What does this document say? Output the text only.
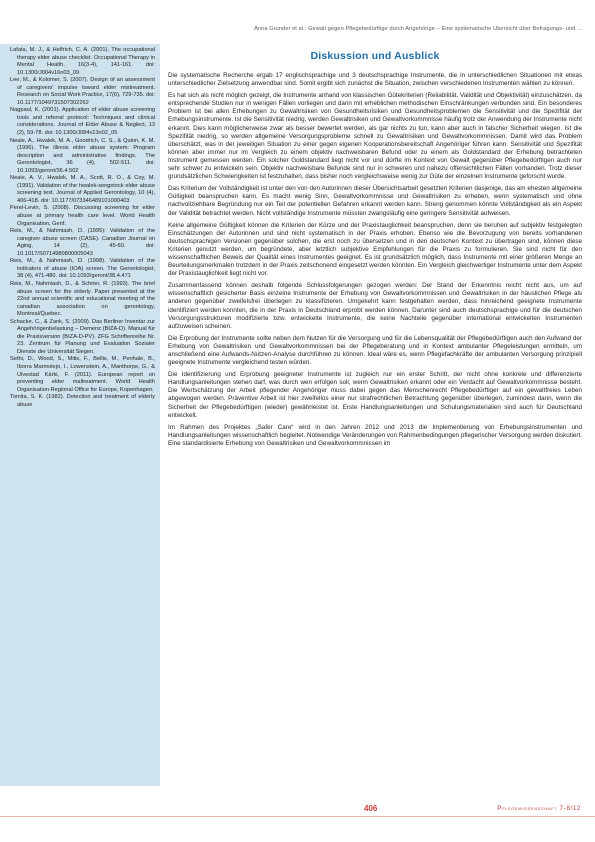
Anna Grunder et al.: Gewalt gegen Pflegebedürftige durch Angehörige – Eine systematische Übersicht über Befragungs- und ...

Lafata, M. J., & Helfrich, C. A. (2001). The occupational therapy elder abuse checklist. Occupational Therapy in Mental Health, 16(3-4), 141-161. doi: 10.1300/J004v16n03_09

Lee, M., & Kolomer, S. (2007). Design of an assessment of caregivers' impulse toward elder mistreatment. Research on Social Work Practice, 17(6), 729-735. doi: 10.1177/1049731507302262

Nagpaul, K. (2001). Application of elder abuse screening tools and referral protocol: Techniques and clinical considerations. Journal of Elder Abuse & Neglect, 13 (2), 59-78. doi: 10.1300/J084v13n02_05

Neale, A., Hwalek, M. A., Goodrich, C. S., & Quinn, K. M. (1996). The illinois elder abuse system: Program description and administrative findings. The Gerontologist, 36 (4), 502-511. doi: 10.1093/geront/36.4.502

Neale, A. V., Hwalek, M. A., Scott, R. O., & Coy, M. (1991). Validation of the hwalek-sengstock elder abuse screening test. Journal of Applied Gerontology, 10 (4), 406-418. doi: 10.1177/073346489101000403

Perel-Levin, S. (2008). Discussing screening for elder abuse at primary health care level. World Health Organisation, Genf.

Reis, M., & Nahmiash, D. (1995): Validation of the caregiver abuse screen (CASE). Canadian Journal on Aging, 14 (2), 45-60. doi: 10.1017/S0714980800005043

Reis, M., & Nahmiash, D. (1998). Validation of the indicators of abuse (IOA) screen. The Gerontologist, 38 (4), 471-480. doi: 10.1093/geront/38.4.471

Reis, M., Nahmiash, D., & Schrier, R. (1993). The brief abuse screen for the elderly. Paper presented at the 22nd annual scientific and educational meeting of the canadian association on gerontology, Montreal/Quebec.

Schacke, C., & Zank, S. (2009). Das Berliner Inventar zur Angehörigenbelastung – Demenz (BIZA-D). Manual für die Praxisversion (BIZA-D-PV). ZFG Schriftenreihe Nr. 23. Zentrum für Planung und Evaluation Sozialer Dienste der Universität Siegen.

Sethi, D., Wood, S., Mitis, F., Bellis, M., Penhale, B., Iborra Marmolejo, I., Lowenstein, A., Manthorpe, G., & Ulvestad Kärki, F. (2011). European report on preventing elder maltreatment. World Health Organisation Regional Office for Europe, Kopenhagen.

Tomita, S. K. (1982). Detection and treatment of elderly abuse

Diskussion und Ausblick

Die systematische Recherche ergab 17 englischsprachige und 3 deutschsprachige Instrumente, die in unterschiedlichen Situationen mit etwas unterschiedlicher Zielsetzung anwendbar sind. Somit ergibt sich zunächst die Situation, zwischen verschiedenen Instrumenten wählen zu können.

Es hat sich als nicht möglich gezeigt, die Instrumente anhand von klassischen Gütekriterien (Reliabilität, Validität und Objektivität) einzuschätzen, da entsprechende Studien nur in wenigen Fällen vorliegen und dann mit erheblichen methodischen Einschränkungen verbunden sind. Ein besonderes Problem ist bei allen Erhebungen zu Gewaltrisiken von Gesundheitsrisiken und Gesundheitsproblemen die Sensitivität und die Spezifität der Erhebungsinstrumente. Ist die Sensitivität niedrig, werden Gewaltrisiken und Gewaltvorkommnisse häufig trotz der Anwendung der Instrumente nicht erkannt. Dies kann möglicherweise zwar als besser bewertet werden, als gar nichts zu tun, kann aber auch in falscher Sicherheit wiegen. Ist die Spezifität niedrig, so werden allgemeine Versorgungsprobleme schnell zu Gewaltrisiken und Gewaltvorkommnissen. Damit wird das Problem überschätzt, was in der jeweiligen Situation zu einer gegen eigenen Kooperationsbereitschaft Angehöriger führen kann. Sensitivität und Spezifität können aber immer nur im Vergleich zu einem objektiv nachweisbaren Befund oder zu einem als Goldstandard der Erhebung betrachteten Instrument gemessen werden. Ein solcher Goldstandard liegt nicht vor und dürfte im Kontext von Gewalt gegenüber Pflegebedürftigen auch nur sehr schwer zu entwickeln sein. Objektiv nachweisbare Befunde sind nur in schweren und nahezu offensichtlichen Fällen vorhanden. Trotz dieser grundsätzlichen Schwierigkeiten ist festzuhalten, dass bisher noch vergleichsweise wenig zur Güte der einzelnen Instrumente geforscht wurde.

Das Kriterium der Vollständigkeit ist unter den von den Autorinnen dieser Übersichtsarbeit gesetzten Kriterien dasjenige, das am ehesten allgemeine Gültigkeit beanspruchen kann. Es macht wenig Sinn, Gewaltvorkommnisse und Gewaltrisiken zu erheben, wenn systematisch und ohne nachvollziehbare Begründung nur ein Teil der potentiellen Gefahren erkannt werden kann. Streng genommen könnte Vollständigkeit als ein Aspekt der Validität betrachtet werden. Nicht vollständige Instrumente müssten zwangsläufig eine geringere Sensitivität aufweisen.

Keine allgemeine Gültigkeit können die Kriterien der Kürze und der Praxistauglichkeit beanspruchen, denn sie beruhen auf subjektiv festgelegten Einschätzungen der Autorinnen und sind nicht systematisch in der Praxis erhoben. Ebenso wie die Bevorzugung von bereits vorhandenen deutschsprachigen Versionen gegenüber solchen, die erst noch zu übersetzen und in den deutschen Kontext zu übertragen sind, können diese Kriterien genutzt werden, um begründete, aber letztlich subjektive Empfehlungen für die Praxis zu formulieren. Sie sind nicht für den wissenschaftlichen Beweis der Qualität eines Instrumentes geeignet. Es ist grundsätzlich möglich, dass Instrumente mit einer größeren Menge an Beurteilungsmerkmalen trotzdem in der Praxis zeitschonend eingesetzt werden könnten. Ein Vergleich gleichwertiger Instrumente unter dem Aspekt der Praxistauglichkeit liegt nicht vor.

Zusammenfassend können deshalb folgende Schlussfolgerungen gezogen werden: Der Stand der Erkenntnis reicht nicht aus, um auf wissenschaftlich gesicherter Basis einzelne Instrumente der Erhebung von Gewaltvorkommnissen und Gewaltrisiken in der häuslichen Pflege als anderen gegenüber zweifelsfrei überlegen zu klassifizieren. Umgekehrt kann festgehalten werden, dass hinreichend geeignete Instrumente identifiziert werden konnten, die in der Praxis in Deutschland erprobt werden können. Darunter sind auch deutschsprachige und für die deutschen Versorgungsstrukturen modifizierte bzw. entwickelte Instrumente, die keine Nachteile gegenüber international entwickelten Instrumenten aufzuweisen scheinen.

Die Erprobung der Instrumente sollte neben dem Nutzen für die Versorgung und für die Lebensqualität der Pflegebedürftigen auch den Aufwand der Erhebung von Gewaltrisiken und Gewaltvorkommnissen bei der Pflegeberatung und in Kontext ambulanter Pflegeleistungen ermitteln, um anschließend eine Aufwands-Nutzen-Analyse durchführen zu können. Ideal wäre es, wenn Pflegefachkräfte der ambulanten Versorgung prinzipiell geeignete Instrumente vergleichend testen würden.

Die Identifizierung und Erprobung geeigneter Instrumente ist zugleich nur ein erster Schritt, der nicht ohne konkrete und differenzierte Handlungsanleitungen stehen darf, was durch wen erfolgen soll, wenn Gewaltrisiken erkannt oder ein Verdacht auf Gewaltvorkommnisse besteht. Die Wertschätzung der Arbeit pflegender Angehöriger muss dabei gegen das Menschenrecht Pflegebedürftiger auf ein gewaltfreies Leben abgewogen werden. Präventive Arbeit ist hier zweifellos einer nur strafrechtlichen Betrachtung gegenüber überlegen, zumindest dann, wenn die Sicherheit der Pflegebedürftigen (wieder) gewährleistet ist. Erste Handlungsanleitungen und Schulungsmaterialien sind auch für Deutschland entwickelt.

Im Rahmen des Projektes „Safer Care“ wird in den Jahren 2012 und 2013 die Implementierung von Erhebungsinstrumenten und Handlungsanleitungen wissenschaftlich begleitet. Notwendige Veränderungen von Rahmenbedingungen pflegerischer Versorgung werden diskutiert. Eine standardisierte Erhebung von Gewaltrisiken und Gewaltvorkommnissen im

406	Pflegewissenschaft 7-8/12
